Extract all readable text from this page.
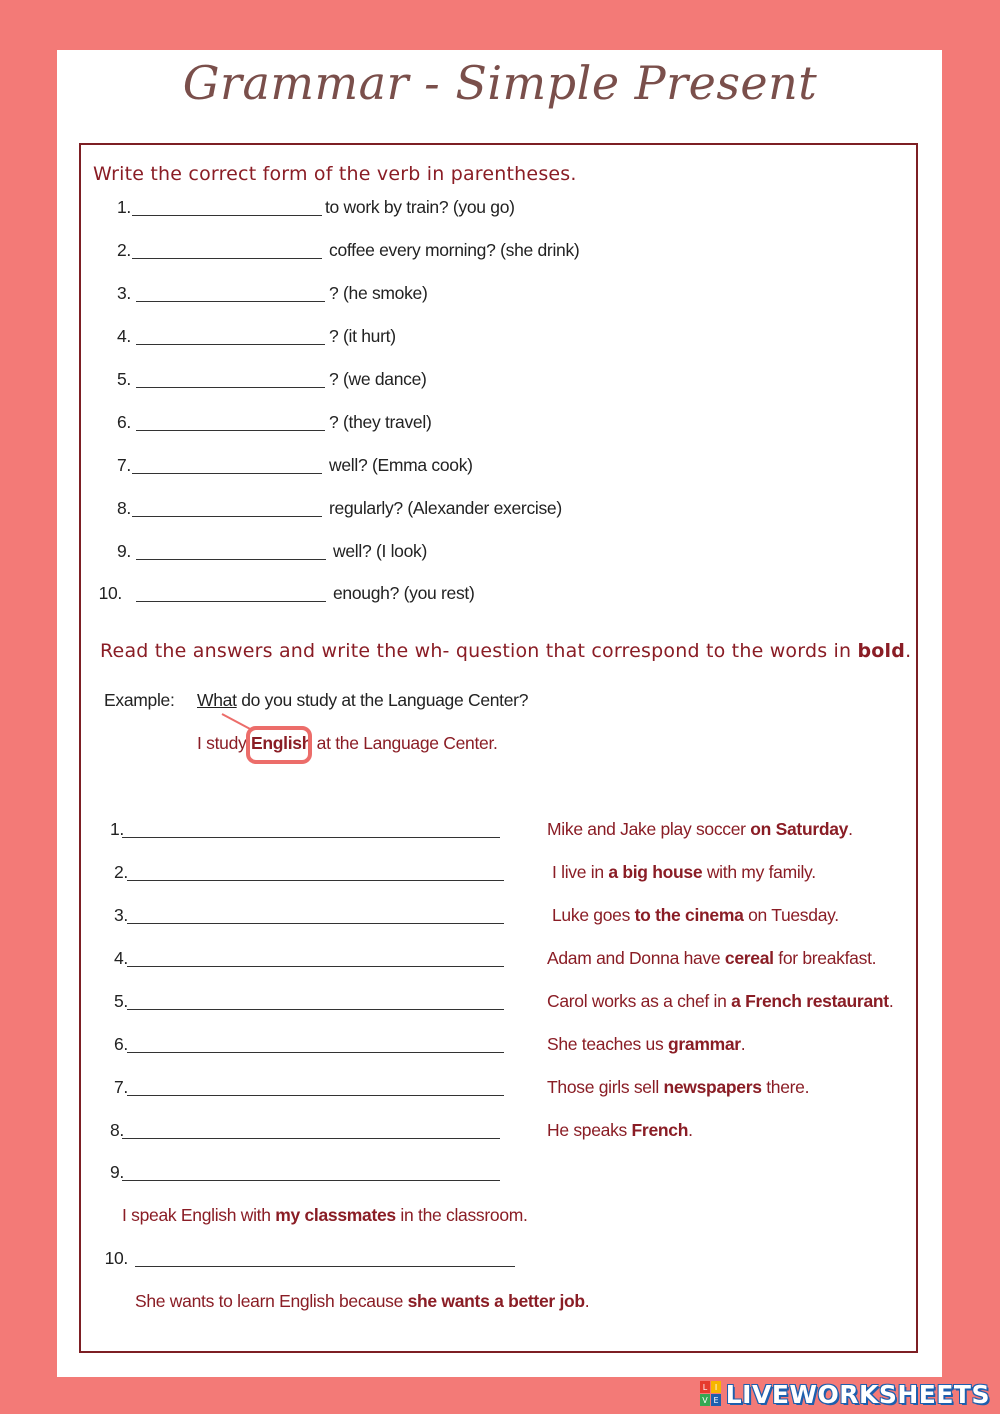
Grammar - Simple Present
Write the correct form of the verb in parentheses.
1.	to work by train? (you go)
2.	coffee every morning? (she drink)
3.	? (he smoke)
4.	? (it hurt)
5.	? (we dance)
6.	? (they travel)
7.	well? (Emma cook)
8.	regularly? (Alexander exercise)
9.	well? (I look)
10.	enough? (you rest)
Read the answers and write the wh- question that correspond to the words in bold.
Example: What do you study at the Language Center?
I study English at the Language Center.
1.	Mike and Jake play soccer on Saturday.
2.	I live in a big house with my family.
3.	Luke goes to the cinema on Tuesday.
4.	Adam and Donna have cereal for breakfast.
5.	Carol works as a chef in a French restaurant.
6.	She teaches us grammar.
7.	Those girls sell newspapers there.
8.	He speaks French.
9.
I speak English with my classmates in the classroom.
10.
She wants to learn English because she wants a better job.
L I
V E LIVEWORKSHEETS
